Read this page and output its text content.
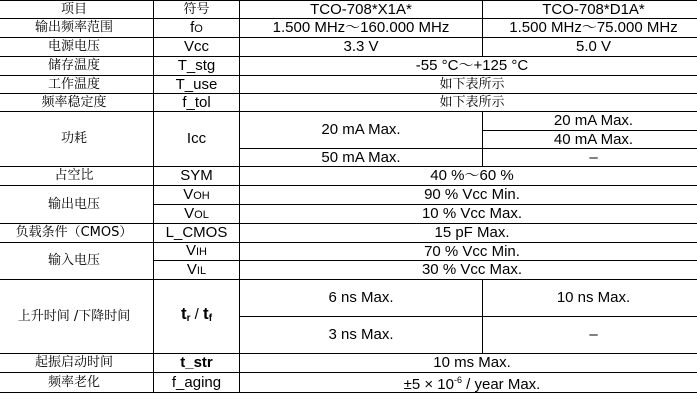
项目	符号	TCO-708*X1A*	TCO-708*D1A*
输出频率范围	fO	1.500 MHz～160.000 MHz	1.500 MHz～75.000 MHz
电源电压	Vcc	3.3 V	5.0 V
储存温度	T_stg	-55 °C～+125 °C	
工作温度	T_use	如下表所示	
频率稳定度	f_tol	如下表所示	
功耗	Icc	20 mA Max.	20 mA Max.
			40 mA Max.
		50 mA Max.	–
占空比	SYM	40 %～60 %	
输出电压	VOH	90 % Vcc Min.	
	VOL	10 % Vcc Max.	
负载条件（CMOS）	L_CMOS	15 pF Max.	
输入电压	VIH	70 % Vcc Min.	
	VIL	30 % Vcc Max.	
上升时间 /下降时间	tr / tf	6 ns Max.	10 ns Max.
		3 ns Max.	–
起振启动时间	t_str	10 ms Max.	
频率老化	f_aging	$\pm 5 \times 10^{-6}$ / year Max.	
